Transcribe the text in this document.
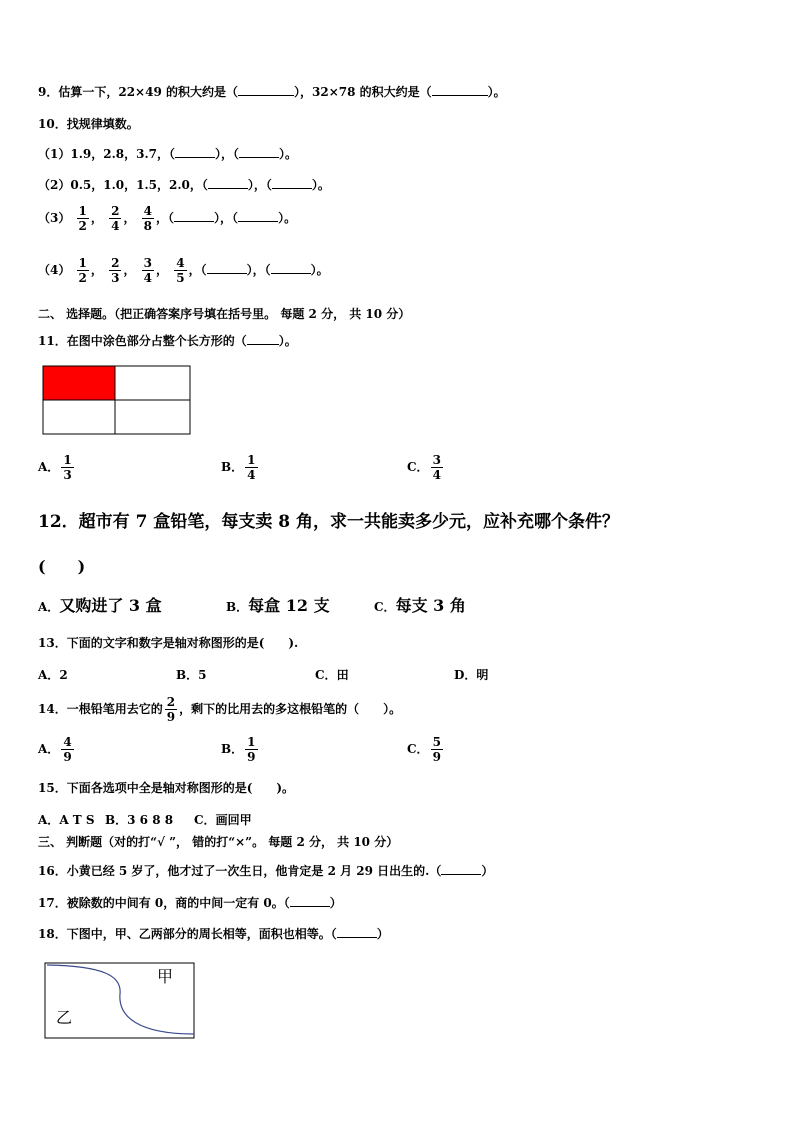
9．估算一下，22×49 的积大约是（	），32×78 的积大约是（	）。
10．找规律填数。
（1）1.9，2.8，3.7，（	），（	）。
（2）0.5，1.0，1.5，2.0，（	），（	）。
$(3) \frac{1}{2}$ ， $\frac{2}{4}$ ， $\frac{4}{8}$ ，（	），（	）。
$(4) \frac{1}{2}$ ， $\frac{2}{3}$ ， $\frac{3}{4}$ ， $\frac{4}{5}$ ，（	），（	）。
二、 选择题。（把正确答案序号填在括号里。 每题 2 分， 共 10 分）
11．在图中涂色部分占整个长方形的（	）。
A． $\frac{1}{3}$	B． $\frac{1}{4}$	C． $\frac{3}{4}$
12．超市有 7 盒铅笔，每支卖 8 角，求一共能卖多少元，应补充哪个条件？
(　　)
A．又购进了 3 盒	B．每盒 12 支	C．每支 3 角
13．下面的文字和数字是轴对称图形的是(　　).
A．2	B．5	C．田	D．明
14．一根铅笔用去它的 $\frac{2}{9}$ ，剩下的比用去的多这根铅笔的（　　）。
A． $\frac{4}{9}$	B． $\frac{1}{9}$	C． $\frac{5}{9}$
15．下面各选项中全是轴对称图形的是(　　)。
A．A T S B．3 6 8 8 C．画回甲
三、 判断题（对的打“√ ”， 错的打“×”。 每题 2 分， 共 10 分）
16．小黄已经 5 岁了，他才过了一次生日，他肯定是 2 月 29 日出生的.（	）
17．被除数的中间有 0，商的中间一定有 0。（	）
18．下图中，甲、乙两部分的周长相等，面积也相等。（	）
甲
乙
